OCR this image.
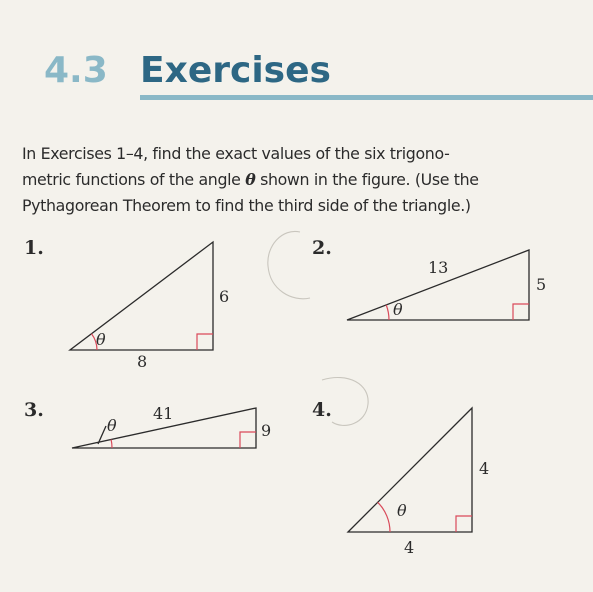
4.3 Exercises
In Exercises 1–4, find the exact values of the six trigono-
metric functions of the angle θ shown in the figure. (Use the
Pythagorean Theorem to find the third side of the triangle.)
1.	2.
3.	4.
θ
8
6
θ
13
5
θ
41
9
θ
4
4
